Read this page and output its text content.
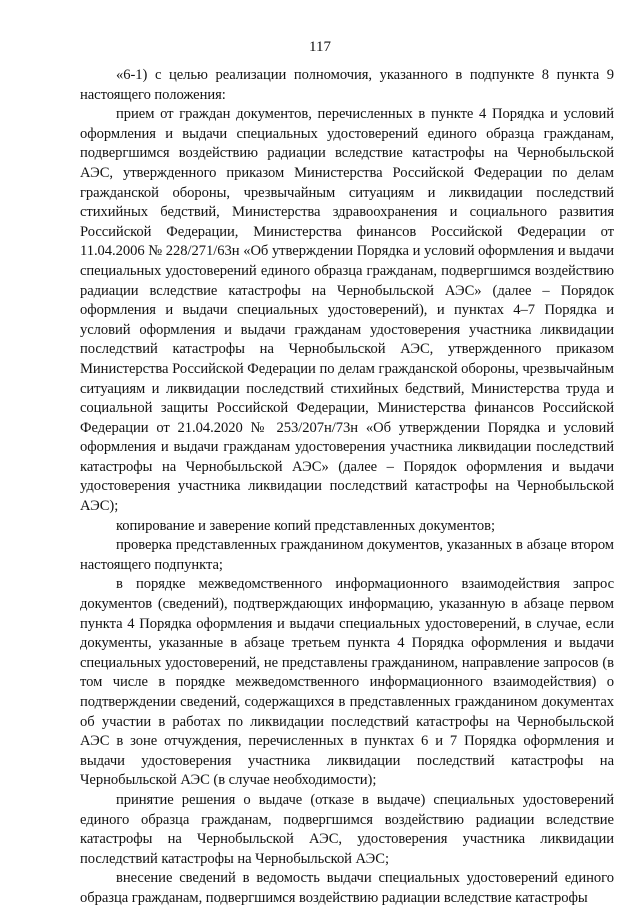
117

«6-1) с целью реализации полномочия, указанного в подпункте 8 пункта 9 настоящего положения:

прием от граждан документов, перечисленных в пункте 4 Порядка и условий оформления и выдачи специальных удостоверений единого образца гражданам, подвергшимся воздействию радиации вследствие катастрофы на Чернобыльской АЭС, утвержденного приказом Министерства Российской Федерации по делам гражданской обороны, чрезвычайным ситуациям и ликвидации последствий стихийных бедствий, Министерства здравоохранения и социального развития Российской Федерации, Министерства финансов Российской Федерации от 11.04.2006 № 228/271/63н «Об утверждении Порядка и условий оформления и выдачи специальных удостоверений единого образца гражданам, подвергшимся воздействию радиации вследствие катастрофы на Чернобыльской АЭС» (далее – Порядок оформления и выдачи специальных удостоверений), и пунктах 4–7 Порядка и условий оформления и выдачи гражданам удостоверения участника ликвидации последствий катастрофы на Чернобыльской АЭС, утвержденного приказом Министерства Российской Федерации по делам гражданской обороны, чрезвычайным ситуациям и ликвидации последствий стихийных бедствий, Министерства труда и социальной защиты Российской Федерации, Министерства финансов Российской Федерации от 21.04.2020 № 253/207н/73н «Об утверждении Порядка и условий оформления и выдачи гражданам удостоверения участника ликвидации последствий катастрофы на Чернобыльской АЭС» (далее – Порядок оформления и выдачи удостоверения участника ликвидации последствий катастрофы на Чернобыльской АЭС);

копирование и заверение копий представленных документов;

проверка представленных гражданином документов, указанных в абзаце втором настоящего подпункта;

в порядке межведомственного информационного взаимодействия запрос документов (сведений), подтверждающих информацию, указанную в абзаце первом пункта 4 Порядка оформления и выдачи специальных удостоверений, в случае, если документы, указанные в абзаце третьем пункта 4 Порядка оформления и выдачи специальных удостоверений, не представлены гражданином, направление запросов (в том числе в порядке межведомственного информационного взаимодействия) о подтверждении сведений, содержащихся в представленных гражданином документах об участии в работах по ликвидации последствий катастрофы на Чернобыльской АЭС в зоне отчуждения, перечисленных в пунктах 6 и 7 Порядка оформления и выдачи удостоверения участника ликвидации последствий катастрофы на Чернобыльской АЭС (в случае необходимости);

принятие решения о выдаче (отказе в выдаче) специальных удостоверений единого образца гражданам, подвергшимся воздействию радиации вследствие катастрофы на Чернобыльской АЭС, удостоверения участника ликвидации последствий катастрофы на Чернобыльской АЭС;

внесение сведений в ведомость выдачи специальных удостоверений единого образца гражданам, подвергшимся воздействию радиации вследствие катастрофы
